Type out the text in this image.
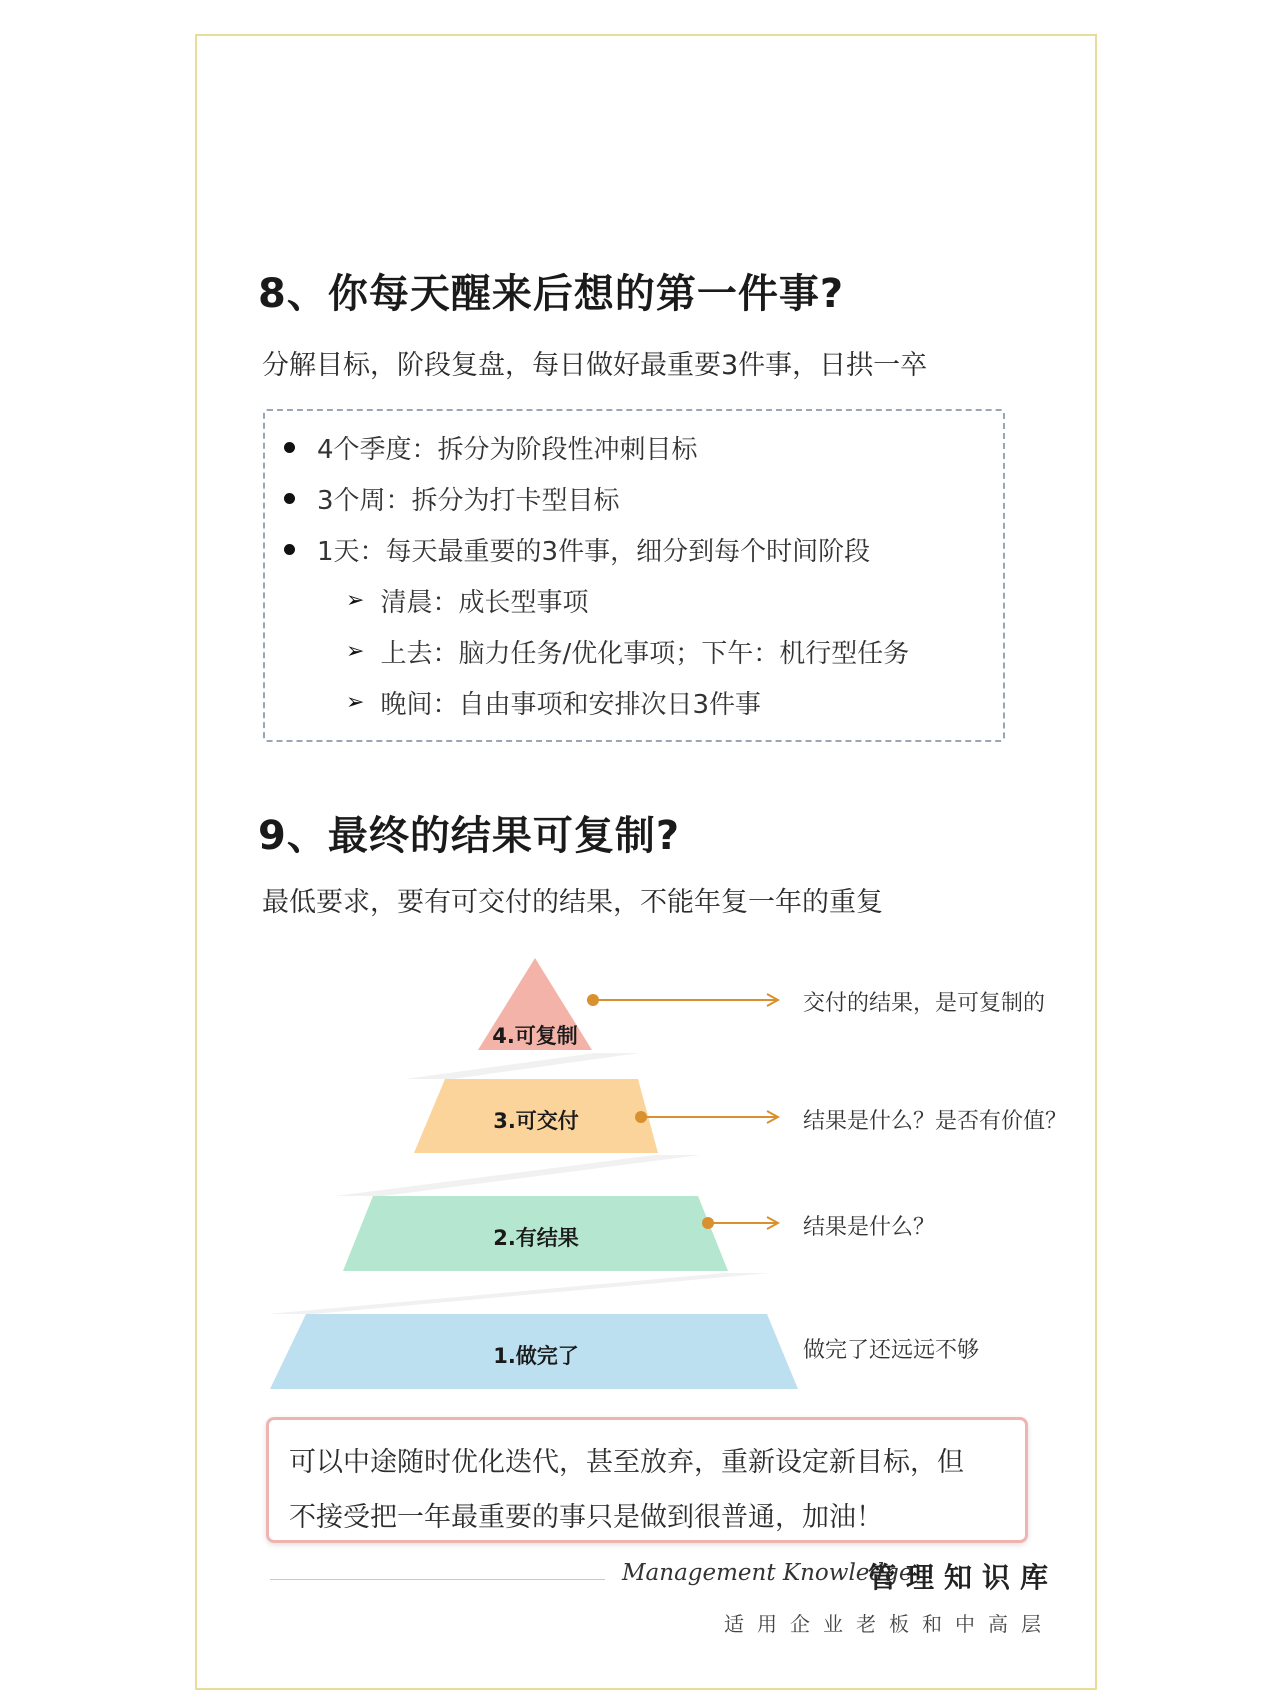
8、你每天醒来后想的第一件事?
分解目标，阶段复盘，每日做好最重要3件事，日拱一卒
4个季度：拆分为阶段性冲刺目标
3个周：拆分为打卡型目标
1天：每天最重要的3件事，细分到每个时间阶段
➢ 清晨：成长型事项
➢ 上去：脑力任务/优化事项；下午：机行型任务
➢ 晚间：自由事项和安排次日3件事
9、最终的结果可复制?
最低要求，要有可交付的结果，不能年复一年的重复
4.可复制
3.可交付
2.有结果
1.做完了
交付的结果，是可复制的
结果是什么？是否有价值？
结果是什么？
做完了还远远不够
可以中途随时优化迭代，甚至放弃，重新设定新目标，但
不接受把一年最重要的事只是做到很普通，加油！
Management Knowledge
管理知识库
适用企业老板和中高层
